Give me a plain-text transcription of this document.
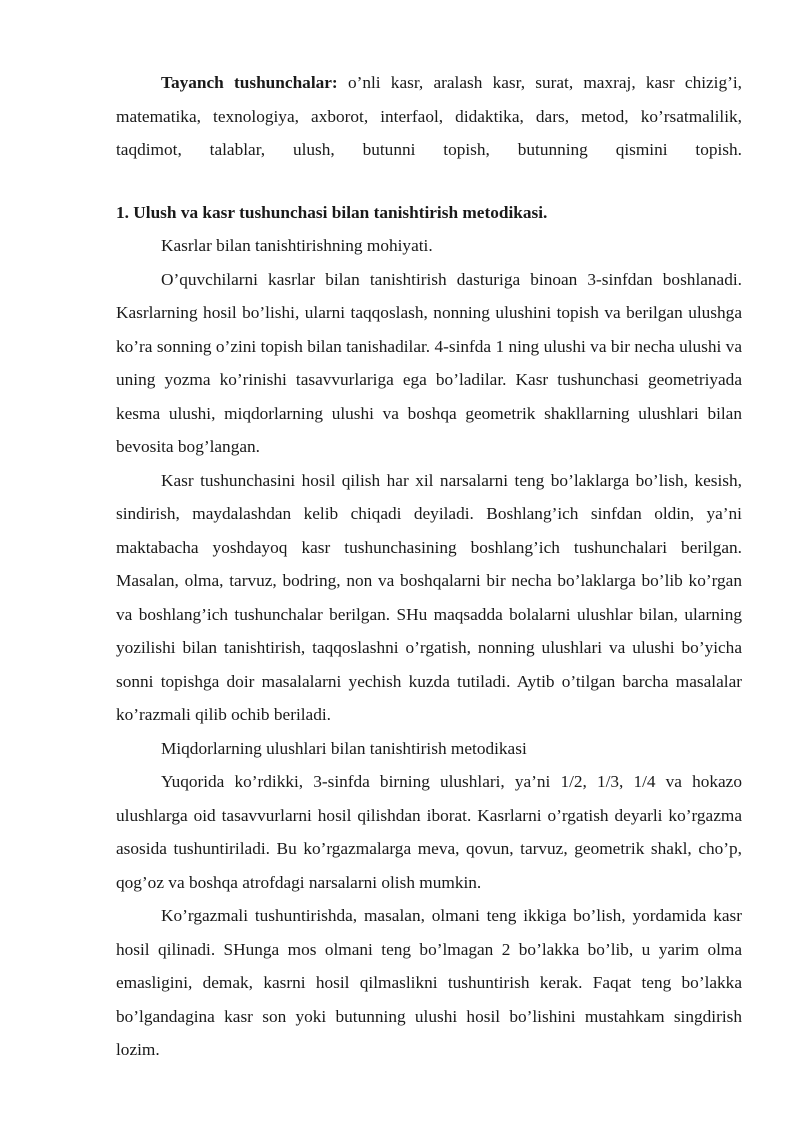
Tayanch tushunchalar: o’nli kasr, aralash kasr, surat, maxraj, kasr chizig’i, matematika, texnologiya, axborot, interfaol, didaktika, dars, metod, ko’rsatmalilik, taqdimot, talablar, ulush, butunni topish, butunning qismini topish.

1. Ulush va kasr tushunchasi bilan tanishtirish metodikasi.

Kasrlar bilan tanishtirishning mohiyati.

O’quvchilarni kasrlar bilan tanishtirish dasturiga binoan 3-sinfdan boshlanadi. Kasrlarning hosil bo’lishi, ularni taqqoslash, nonning ulushini topish va berilgan ulushga ko’ra sonning o’zini topish bilan tanishadilar. 4-sinfda 1 ning ulushi va bir necha ulushi va uning yozma ko’rinishi tasavvurlariga ega bo’ladilar. Kasr tushunchasi geometriyada kesma ulushi, miqdorlarning ulushi va boshqa geometrik shakllarning ulushlari bilan bevosita bog’langan.

Kasr tushunchasini hosil qilish har xil narsalarni teng bo’laklarga bo’lish, kesish, sindirish, maydalashdan kelib chiqadi deyiladi. Boshlang’ich sinfdan oldin, ya’ni maktabacha yoshdayoq kasr tushunchasining boshlang’ich tushunchalari berilgan. Masalan, olma, tarvuz, bodring, non va boshqalarni bir necha bo’laklarga bo’lib ko’rgan va boshlang’ich tushunchalar berilgan. SHu maqsadda bolalarni ulushlar bilan, ularning yozilishi bilan tanishtirish, taqqoslashni o’rgatish, nonning ulushlari va ulushi bo’yicha sonni topishga doir masalalarni yechish kuzda tutiladi. Aytib o’tilgan barcha masalalar ko’razmali qilib ochib beriladi.

Miqdorlarning ulushlari bilan tanishtirish metodikasi

Yuqorida ko’rdikki, 3-sinfda birning ulushlari, ya’ni 1/2, 1/3, 1/4 va hokazo ulushlarga oid tasavvurlarni hosil qilishdan iborat. Kasrlarni o’rgatish deyarli ko’rgazma asosida tushuntiriladi. Bu ko’rgazmalarga meva, qovun, tarvuz, geometrik shakl, cho’p, qog’oz va boshqa atrofdagi narsalarni olish mumkin.

Ko’rgazmali tushuntirishda, masalan, olmani teng ikkiga bo’lish, yordamida kasr hosil qilinadi. SHunga mos olmani teng bo’lmagan 2 bo’lakka bo’lib, u yarim olma emasligini, demak, kasrni hosil qilmaslikni tushuntirish kerak. Faqat teng bo’lakka bo’lgandagina kasr son yoki butunning ulushi hosil bo’lishini mustahkam singdirish lozim.
